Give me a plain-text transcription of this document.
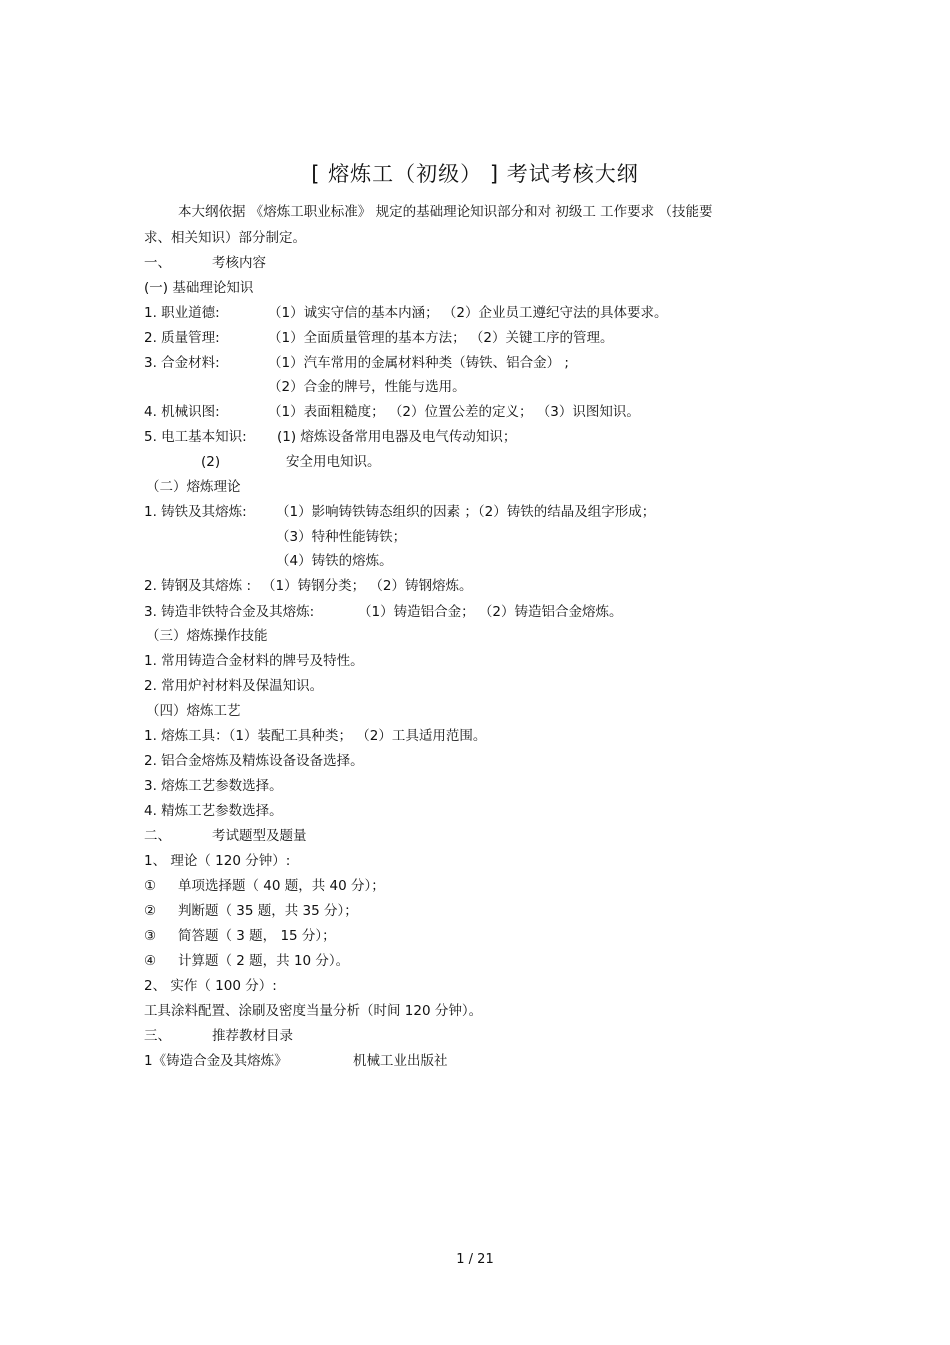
[ 熔炼工（初级） ] 考试考核大纲
本大纲依据 《熔炼工职业标准》 规定的基础理论知识部分和对 初级工 工作要求 （技能要
求、相关知识）部分制定。
一、	考核内容
(一) 基础理论知识
1. 职业道德:	（1）诚实守信的基本内涵； （2）企业员工遵纪守法的具体要求。
2. 质量管理:	（1）全面质量管理的基本方法； （2）关键工序的管理。
3. 合金材料:	（1）汽车常用的金属材料种类（铸铁、铝合金） ;
（2）合金的牌号，性能与选用。
4. 机械识图:	（1）表面粗糙度； （2）位置公差的定义； （3）识图知识。
5. 电工基本知识: (1) 熔炼设备常用电器及电气传动知识；
(2)	安全用电知识。
（二）熔炼理论
1. 铸铁及其熔炼: （1）影响铸铁铸态组织的因素 ；（2）铸铁的结晶及组字形成；
（3）特种性能铸铁；
（4）铸铁的熔炼。
2. 铸钢及其熔炼 : （1）铸钢分类； （2）铸钢熔炼。
3. 铸造非铁特合金及其熔炼:	（1）铸造铝合金； （2）铸造铝合金熔炼。
（三）熔炼操作技能
1. 常用铸造合金材料的牌号及特性。
2. 常用炉衬材料及保温知识。
（四）熔炼工艺
1. 熔炼工具：（1）装配工具种类； （2）工具适用范围。
2. 铝合金熔炼及精炼设备设备选择。
3. 熔炼工艺参数选择。
4. 精炼工艺参数选择。
二、	考试题型及题量
1、 理论（ 120 分钟）:
① 单项选择题（ 40 题，共 40 分）；
② 判断题（ 35 题，共 35 分）；
③ 简答题（ 3 题， 15 分）；
④ 计算题（ 2 题，共 10 分）。
2、 实作（ 100 分）:
工具涂料配置、涂刷及密度当量分析（时间 120 分钟）。
三、	推荐教材目录
1《铸造合金及其熔炼》	机械工业出版社
1 / 21
